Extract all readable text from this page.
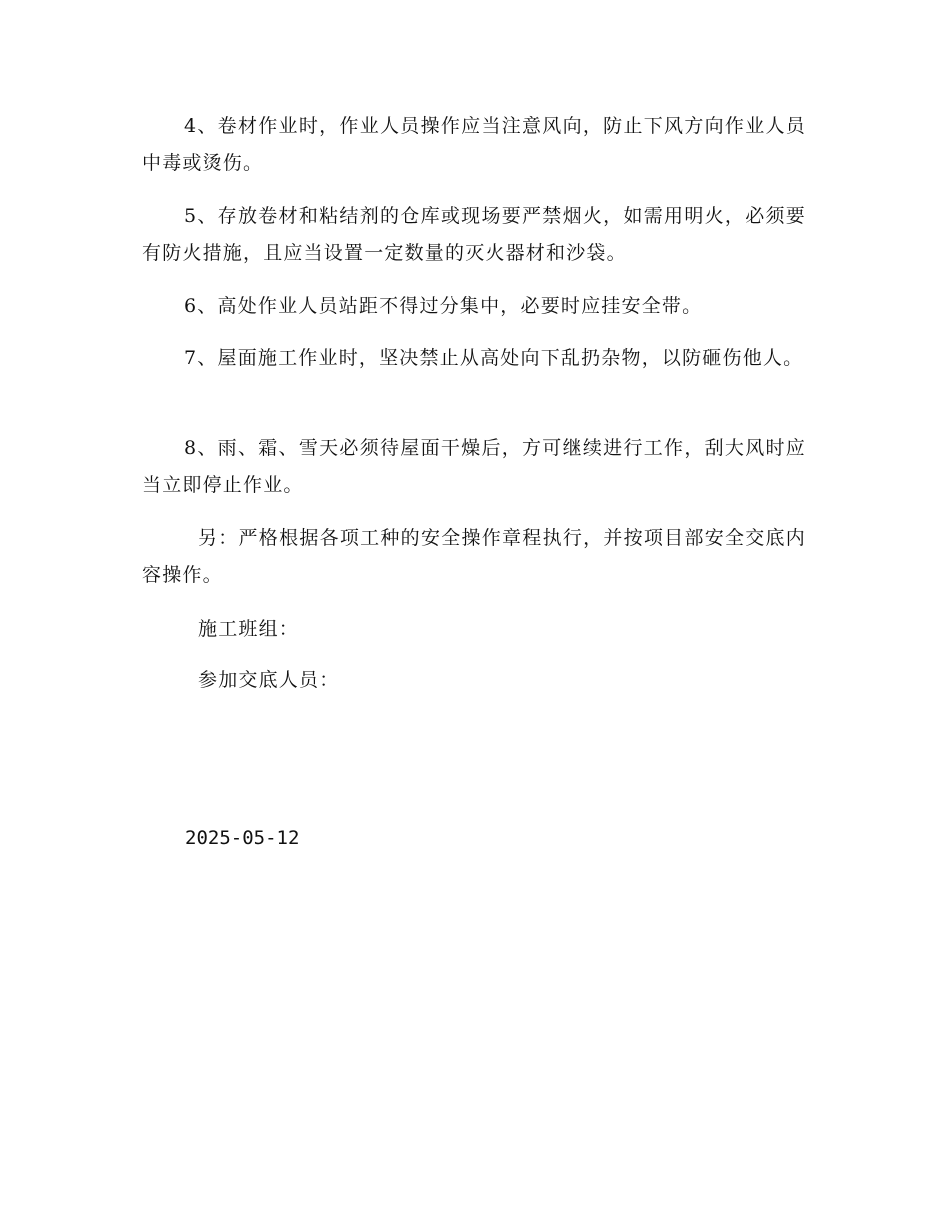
4、卷材作业时，作业人员操作应当注意风向，防止下风方向作业人员中毒或烫伤。

5、存放卷材和粘结剂的仓库或现场要严禁烟火，如需用明火，必须要有防火措施，且应当设置一定数量的灭火器材和沙袋。

6、高处作业人员站距不得过分集中，必要时应挂安全带。

7、屋面施工作业时，坚决禁止从高处向下乱扔杂物，以防砸伤他人。

8、雨、霜、雪天必须待屋面干燥后，方可继续进行工作，刮大风时应当立即停止作业。

另：严格根据各项工种的安全操作章程执行，并按项目部安全交底内容操作。

施工班组：

参加交底人员：

2025-05-12
